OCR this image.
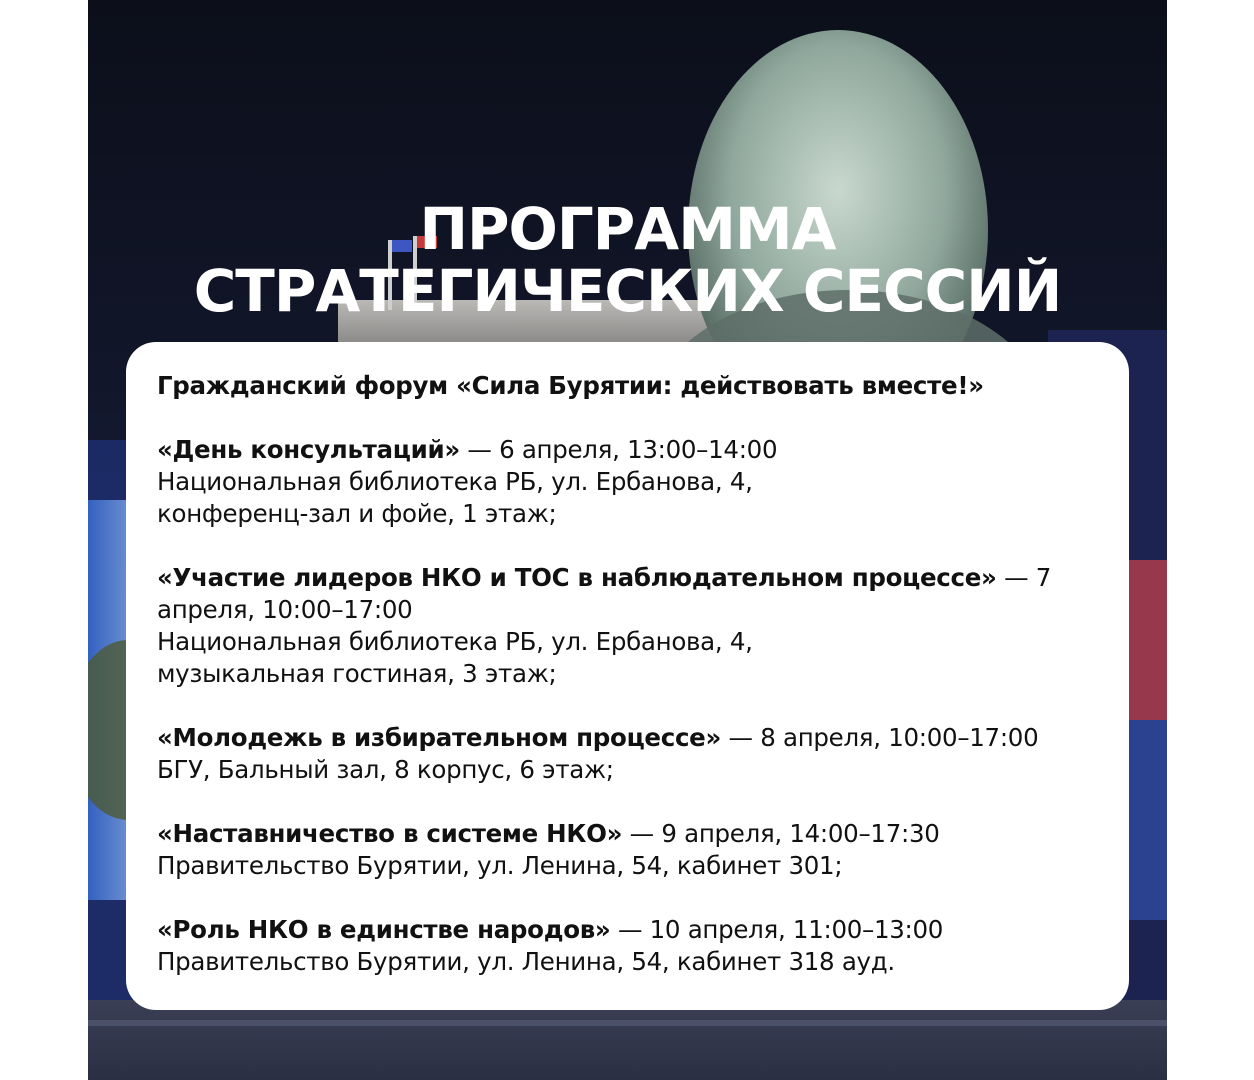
ПРОГРАММА
СТРАТЕГИЧЕСКИХ СЕССИЙ
Гражданский форум «Сила Бурятии: действовать вместе!»
«День консультаций» — 6 апреля, 13:00–14:00
Национальная библиотека РБ, ул. Ербанова, 4,
конференц-зал и фойе, 1 этаж;
«Участие лидеров НКО и ТОС в наблюдательном процессе» — 7 апреля, 10:00–17:00
Национальная библиотека РБ, ул. Ербанова, 4,
музыкальная гостиная, 3 этаж;
«Молодежь в избирательном процессе» — 8 апреля, 10:00–17:00
БГУ, Бальный зал, 8 корпус, 6 этаж;
«Наставничество в системе НКО» — 9 апреля, 14:00–17:30
Правительство Бурятии, ул. Ленина, 54, кабинет 301;
«Роль НКО в единстве народов» — 10 апреля, 11:00–13:00
Правительство Бурятии, ул. Ленина, 54, кабинет 318 ауд.
